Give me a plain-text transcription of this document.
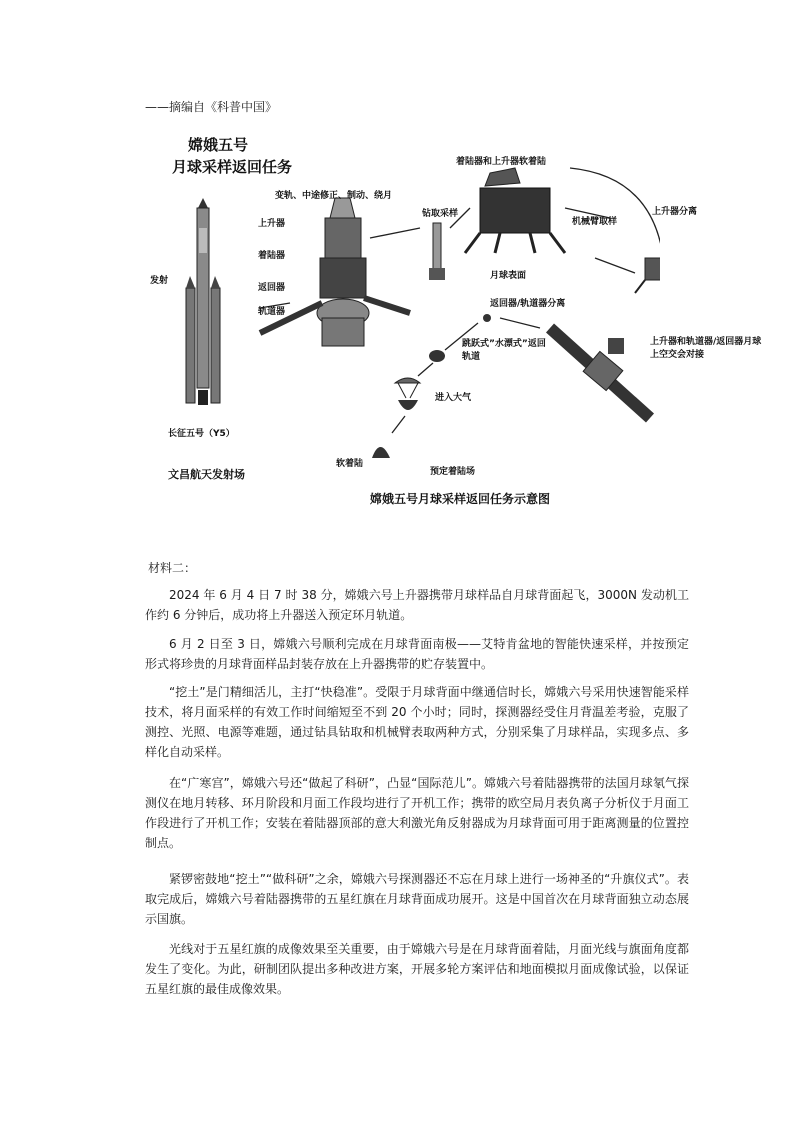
——摘编自《科普中国》
嫦娥五号
月球采样返回任务
发射
长征五号（Y5）
文昌航天发射场
变轨、中途修正、制动、绕月
上升器
着陆器
返回器
轨道器
钻取采样
着陆器和上升器软着陆
机械臂取样
月球表面
上升器分离
上升器和轨道器/返回器月球上空交会对接
返回器/轨道器分离
跳跃式”水漂式”返回轨道
进入大气
软着陆
预定着陆场
嫦娥五号月球采样返回任务示意图
材料二：

2024 年 6 月 4 日 7 时 38 分，嫦娥六号上升器携带月球样品自月球背面起飞，3000N 发动机工作约 6 分钟后，成功将上升器送入预定环月轨道。

6 月 2 日至 3 日，嫦娥六号顺利完成在月球背面南极——艾特肯盆地的智能快速采样，并按预定形式将珍贵的月球背面样品封装存放在上升器携带的贮存装置中。

“挖土”是门精细活儿，主打“快稳准”。受限于月球背面中继通信时长，嫦娥六号采用快速智能采样技术，将月面采样的有效工作时间缩短至不到 20 个小时；同时，探测器经受住月背温差考验，克服了测控、光照、电源等难题，通过钻具钻取和机械臂表取两种方式，分别采集了月球样品，实现多点、多样化自动采样。

在“广寒宫”，嫦娥六号还“做起了科研”，凸显“国际范儿”。嫦娥六号着陆器携带的法国月球氡气探测仪在地月转移、环月阶段和月面工作段均进行了开机工作；携带的欧空局月表负离子分析仪于月面工作段进行了开机工作；安装在着陆器顶部的意大利激光角反射器成为月球背面可用于距离测量的位置控制点。

紧锣密鼓地“挖土”“做科研”之余，嫦娥六号探测器还不忘在月球上进行一场神圣的“升旗仪式”。表取完成后，嫦娥六号着陆器携带的五星红旗在月球背面成功展开。这是中国首次在月球背面独立动态展示国旗。

光线对于五星红旗的成像效果至关重要，由于嫦娥六号是在月球背面着陆，月面光线与旗面角度都发生了变化。为此，研制团队提出多种改进方案，开展多轮方案评估和地面模拟月面成像试验，以保证五星红旗的最佳成像效果。
